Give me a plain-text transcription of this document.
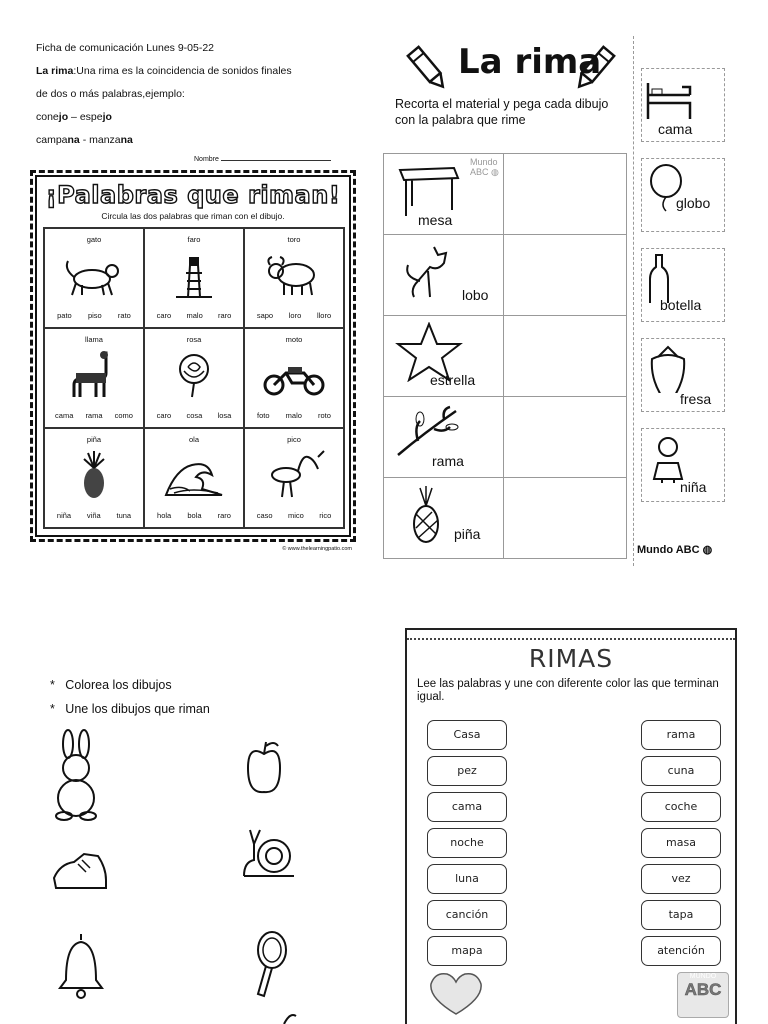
Ficha de comunicación Lunes 9-05-22
La rima:Una rima es la coincidencia de sonidos finales
de dos o más palabras,ejemplo:
conejo – espejo
campana - manzana
Nombre
¡Palabras que riman!
Circula las dos palabras que riman con el dibujo.
gato
pato piso rato
faro
caro malo raro
toro
sapo loro lloro
llama
cama rama como
rosa
caro cosa losa
moto
foto malo roto
piña
niña viña tuna
ola
hola bola raro
pico
caso mico rico
© www.thelearningpatio.com
La rima
Recorta el material y pega cada dibujo con la palabra que rime
mesa
Mundo ABC ◍
lobo
estrella
rama
piña
cama
globo
botella
fresa
niña
Mundo ABC ◍
* Colorea los dibujos
* Une los dibujos que riman
RIMAS
Lee las palabras y une con diferente color las que terminan igual.
Casa
pez
cama
noche
luna
canción
mapa
rama
cuna
coche
masa
vez
tapa
atención
MUNDO
ABC
